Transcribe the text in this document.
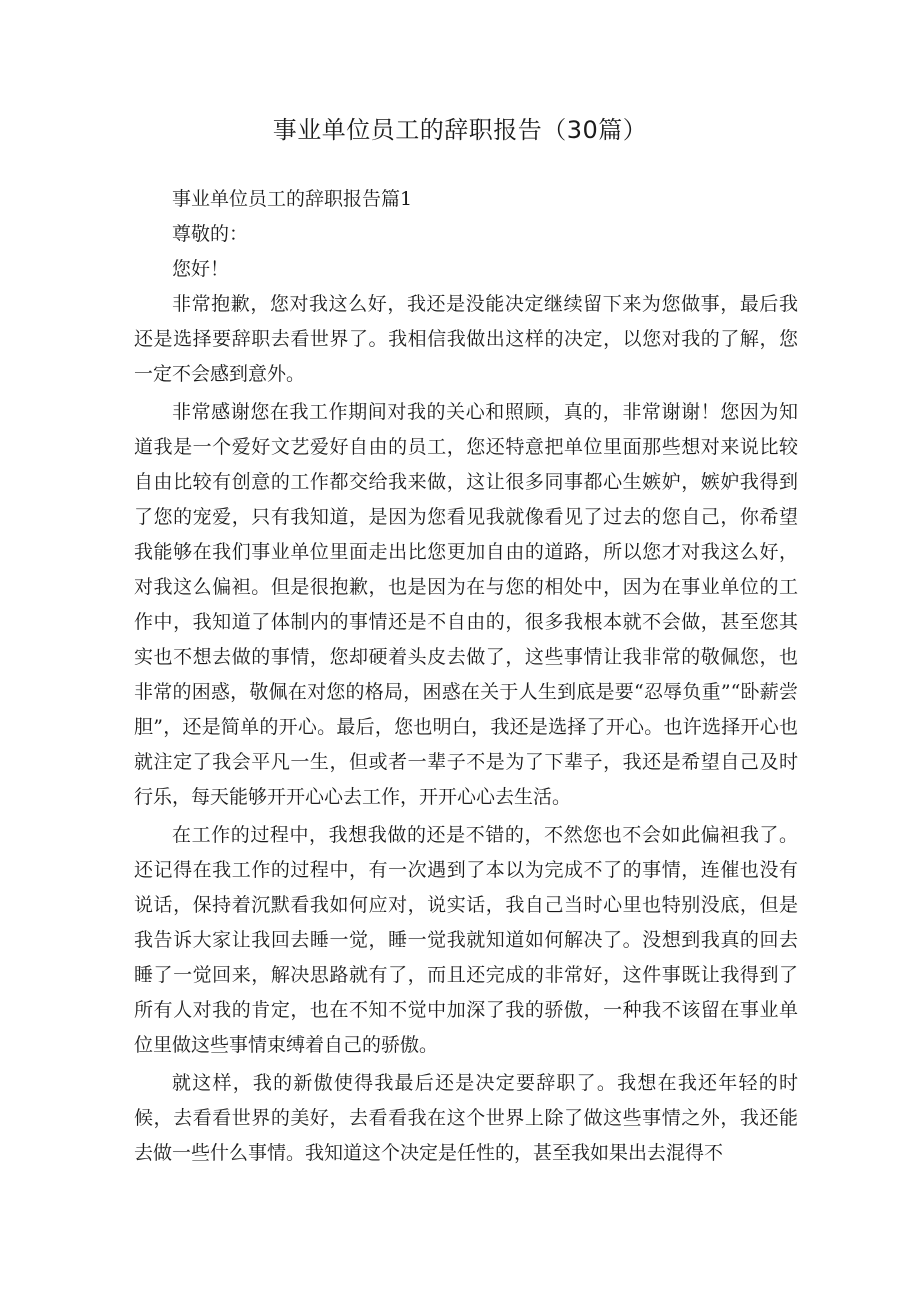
事业单位员工的辞职报告（30篇）

事业单位员工的辞职报告篇1

尊敬的：

您好！

非常抱歉，您对我这么好，我还是没能决定继续留下来为您做事，最后我还是选择要辞职去看世界了。我相信我做出这样的决定，以您对我的了解，您一定不会感到意外。

非常感谢您在我工作期间对我的关心和照顾，真的，非常谢谢！您因为知道我是一个爱好文艺爱好自由的员工，您还特意把单位里面那些想对来说比较自由比较有创意的工作都交给我来做，这让很多同事都心生嫉妒，嫉妒我得到了您的宠爱，只有我知道，是因为您看见我就像看见了过去的您自己，你希望我能够在我们事业单位里面走出比您更加自由的道路，所以您才对我这么好，对我这么偏袒。但是很抱歉，也是因为在与您的相处中，因为在事业单位的工作中，我知道了体制内的事情还是不自由的，很多我根本就不会做，甚至您其实也不想去做的事情，您却硬着头皮去做了，这些事情让我非常的敬佩您，也非常的困惑，敬佩在对您的格局，困惑在关于人生到底是要“忍辱负重”“卧薪尝胆”，还是简单的开心。最后，您也明白，我还是选择了开心。也许选择开心也就注定了我会平凡一生，但或者一辈子不是为了下辈子，我还是希望自己及时行乐，每天能够开开心心去工作，开开心心去生活。

在工作的过程中，我想我做的还是不错的，不然您也不会如此偏袒我了。还记得在我工作的过程中，有一次遇到了本以为完成不了的事情，连催也没有说话，保持着沉默看我如何应对，说实话，我自己当时心里也特别没底，但是我告诉大家让我回去睡一觉，睡一觉我就知道如何解决了。没想到我真的回去睡了一觉回来，解决思路就有了，而且还完成的非常好，这件事既让我得到了所有人对我的肯定，也在不知不觉中加深了我的骄傲，一种我不该留在事业单位里做这些事情束缚着自己的骄傲。

就这样，我的新傲使得我最后还是决定要辞职了。我想在我还年轻的时候，去看看世界的美好，去看看我在这个世界上除了做这些事情之外，我还能去做一些什么事情。我知道这个决定是任性的，甚至我如果出去混得不
